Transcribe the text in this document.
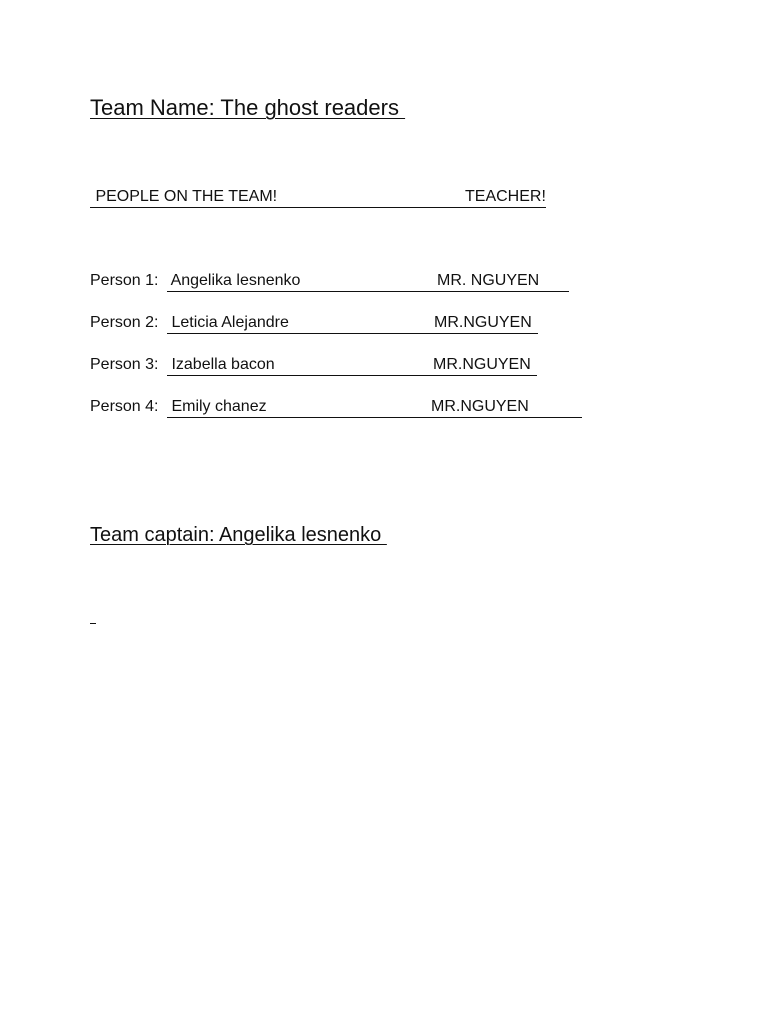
Team Name: The ghost readers
PEOPLE ON THE TEAM!	TEACHER!
Person 1: Angelika lesnenko	MR. NGUYEN
Person 2: Leticia Alejandre	MR.NGUYEN
Person 3: Izabella bacon	MR.NGUYEN
Person 4: Emily chanez	MR.NGUYEN
Team captain: Angelika lesnenko
